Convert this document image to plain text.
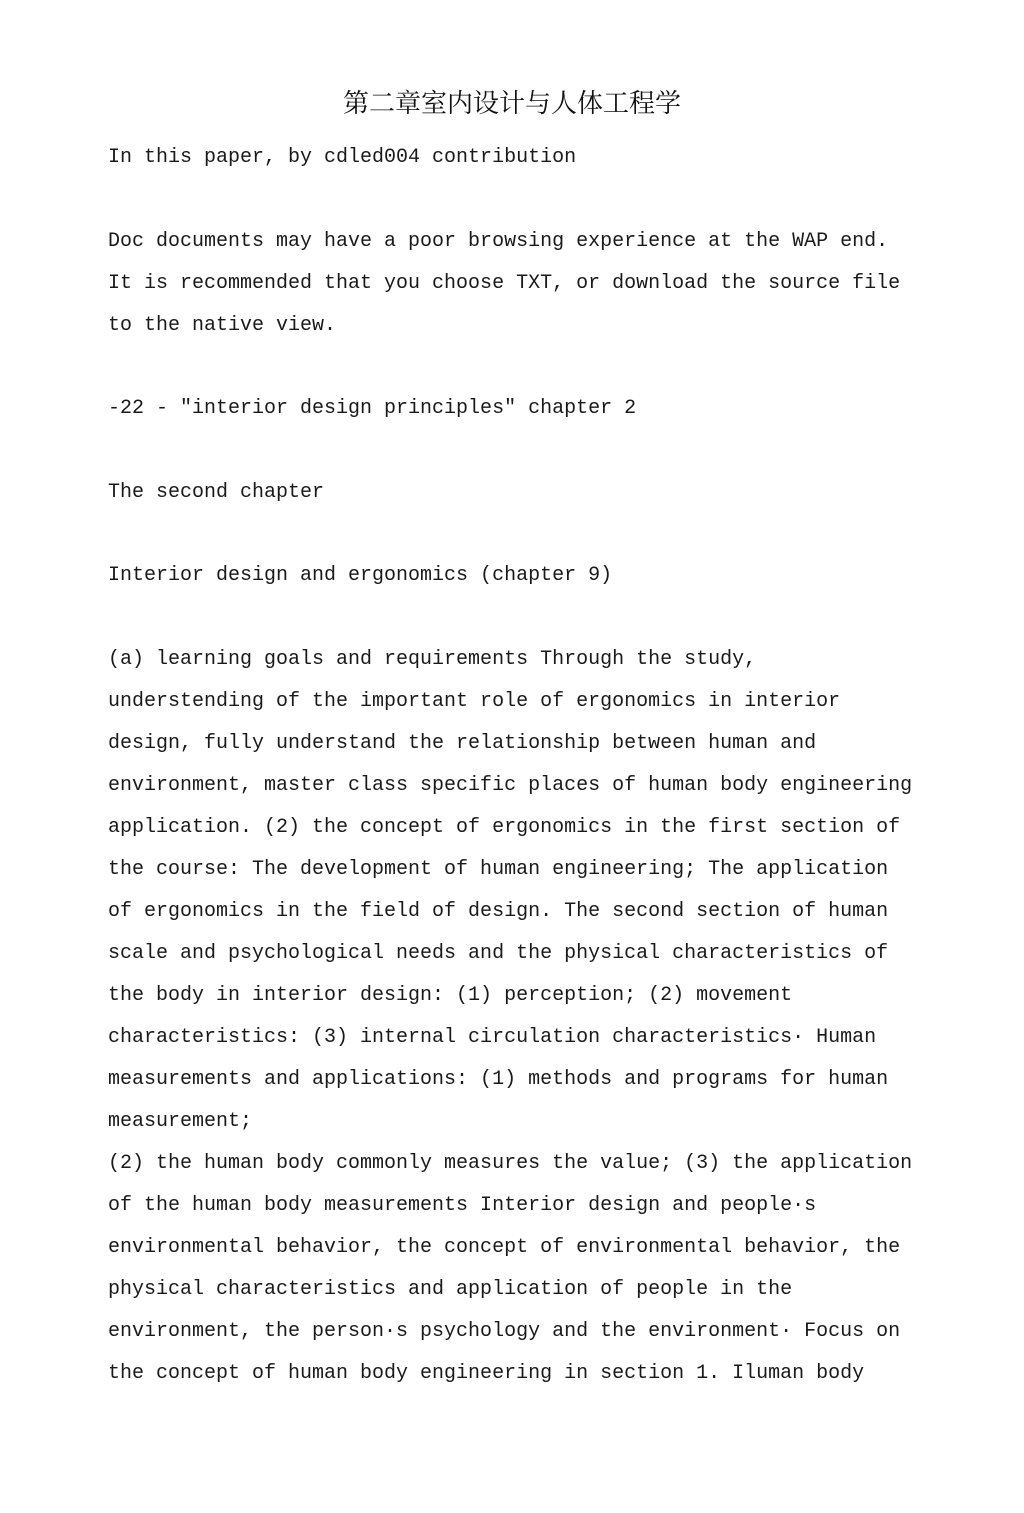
第二章室内设计与人体工程学
In this paper, by cdled004 contribution
Doc documents may have a poor browsing experience at the WAP end.
It is recommended that you choose TXT, or download the source file
to the native view.
-22 - "interior design principles" chapter 2
The second chapter
Interior design and ergonomics (chapter 9)
(a) learning goals and requirements Through the study,
understending of the important role of ergonomics in interior
design, fully understand the relationship between human and
environment, master class specific places of human body engineering
application. (2) the concept of ergonomics in the first section of
the course: The development of human engineering; The application
of ergonomics in the field of design. The second section of human
scale and psychological needs and the physical characteristics of
the body in interior design: (1) perception; (2) movement
characteristics: (3) internal circulation characteristics· Human
measurements and applications: (1) methods and programs for human
measurement;
(2) the human body commonly measures the value; (3) the application
of the human body measurements Interior design and people·s
environmental behavior, the concept of environmental behavior, the
physical characteristics and application of people in the
environment, the person·s psychology and the environment· Focus on
the concept of human body engineering in section 1. Iluman body
